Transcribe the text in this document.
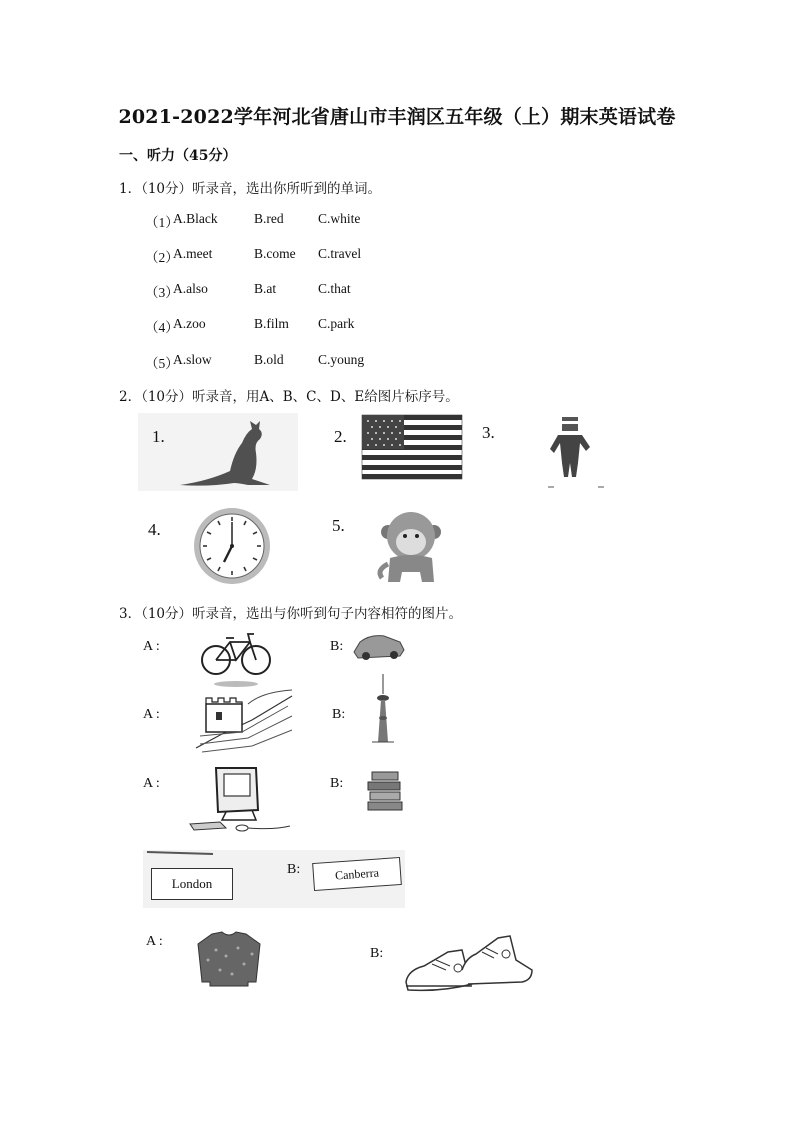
2021-2022学年河北省唐山市丰润区五年级（上）期末英语试卷
一、听力（45分）
1．（10分）听录音，选出你所听到的单词。
（1）
A.Black	B.red	C.white
（2）
A.meet	B.come C.travel
（3）
A.also	B.at	C.that
（4）
A.zoo	B.film C.park
（5）
A.slow	B.old	C.young
2．（10分）听录音，用A、B、C、D、E给图片标序号。
1.	2.	3.
4.	5.
3．（10分）听录音，选出与你听到句子内容相符的图片。
A :	B:
A :	B:
A :	B:
London
B:	Canberra
A :
B:
